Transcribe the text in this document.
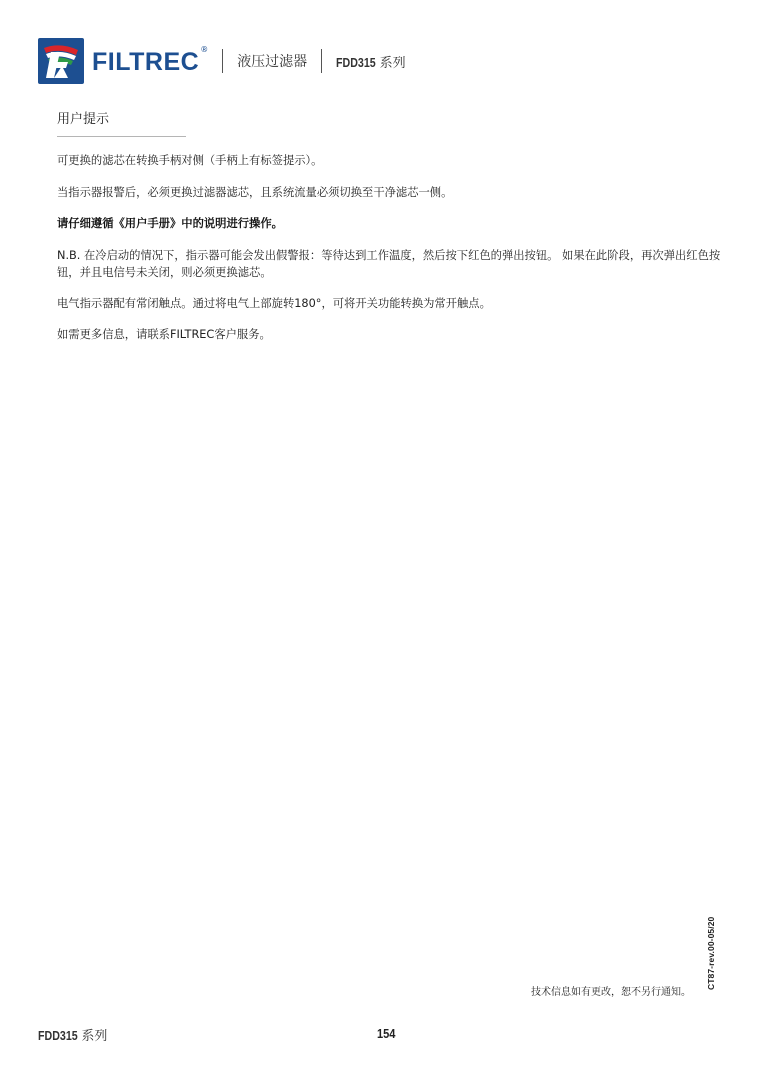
FILTREC ®
液压过滤器 FDD315 系列
用户提示

可更换的滤芯在转换手柄对侧（手柄上有标签提示）。

当指示器报警后，必须更换过滤器滤芯，且系统流量必须切换至干净滤芯一侧。

请仔细遵循《用户手册》中的说明进行操作。

N.B. 在冷启动的情况下，指示器可能会发出假警报：等待达到工作温度，然后按下红色的弹出按钮。 如果在此阶段，再次弹出红色按钮，并且电信号未关闭，则必须更换滤芯。

电气指示器配有常闭触点。通过将电气上部旋转180°，可将开关功能转换为常开触点。

如需更多信息，请联系FILTREC客户服务。

CT87-rev.00-05/20
技术信息如有更改，恕不另行通知。
FDD315 系列	154
